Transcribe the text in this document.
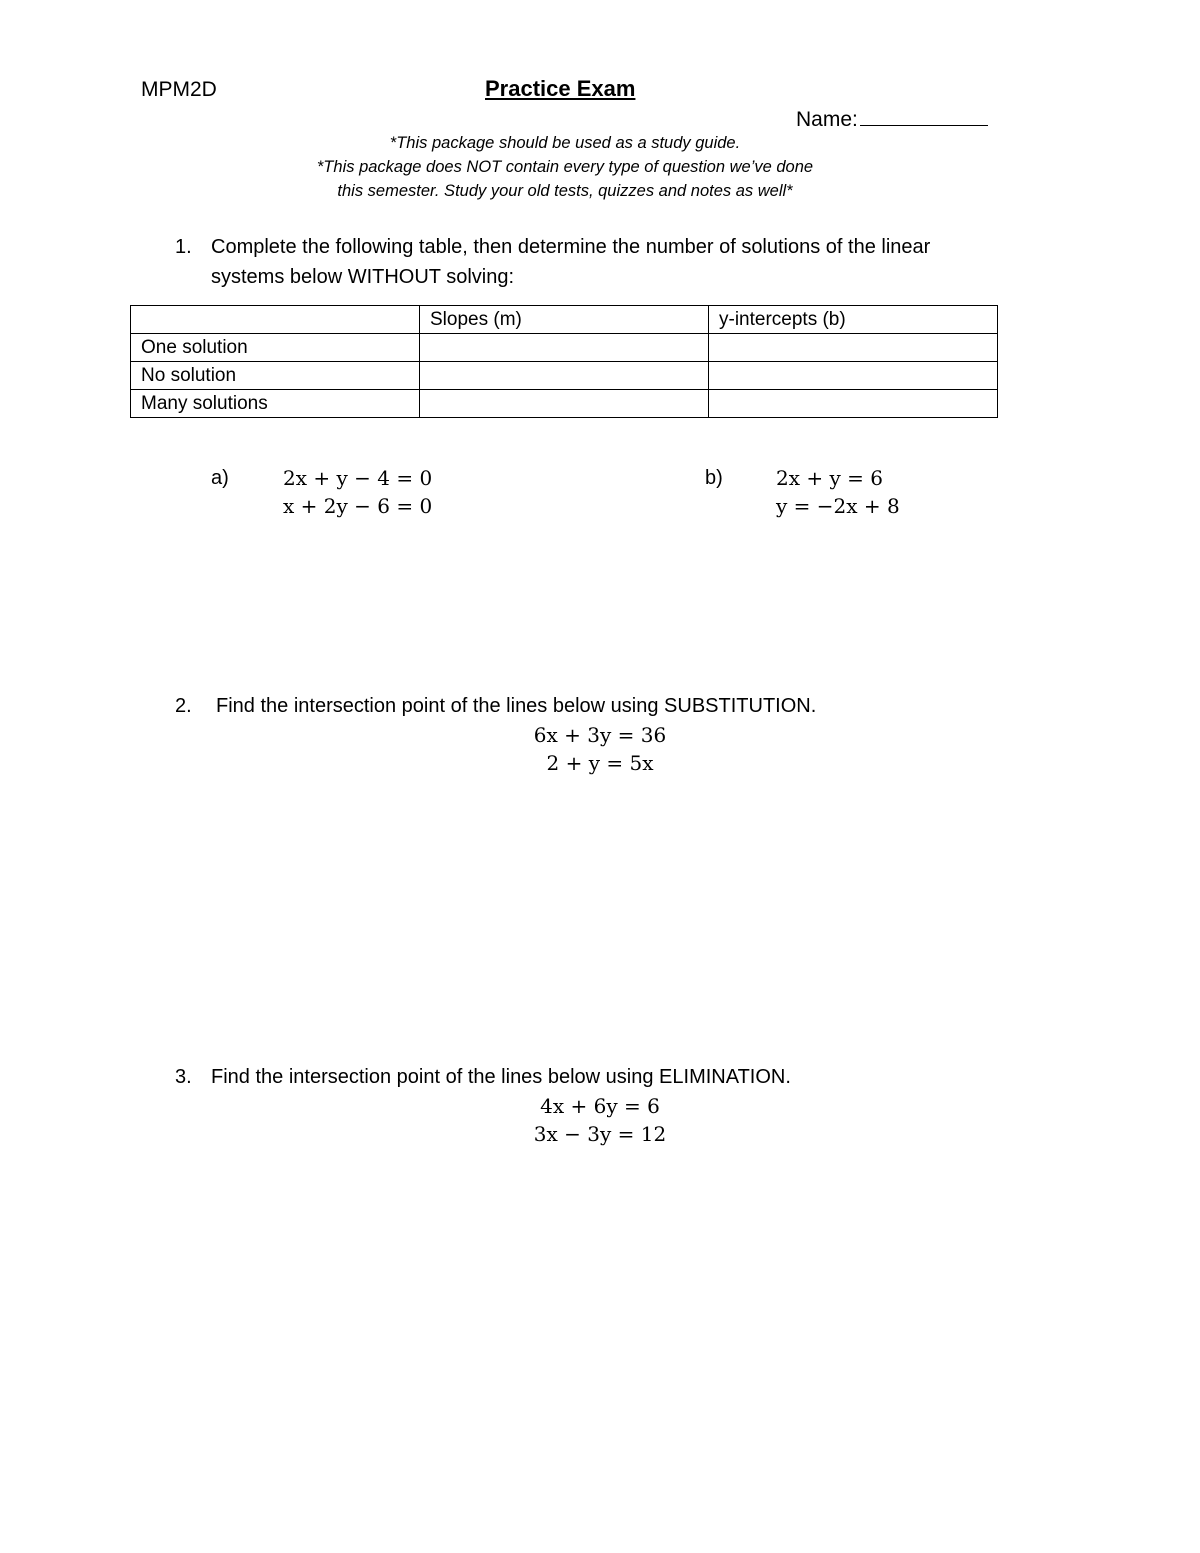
MPM2D	Practice Exam
Name:
*This package should be used as a study guide.
*This package does NOT contain every type of question we’ve done
this semester. Study your old tests, quizzes and notes as well*
1. Complete the following table, then determine the number of solutions of the linear
systems below WITHOUT solving:
	Slopes (m)	y-intercepts (b)
One solution		
No solution		
Many solutions		
a)	2x + y − 4 = 0
x + 2y − 6 = 0
b)	2x + y = 6
y = −2x + 8
2. Find the intersection point of the lines below using SUBSTITUTION.
6x + 3y = 36
2 + y = 5x
3. Find the intersection point of the lines below using ELIMINATION.
4x + 6y = 6
3x − 3y = 12
